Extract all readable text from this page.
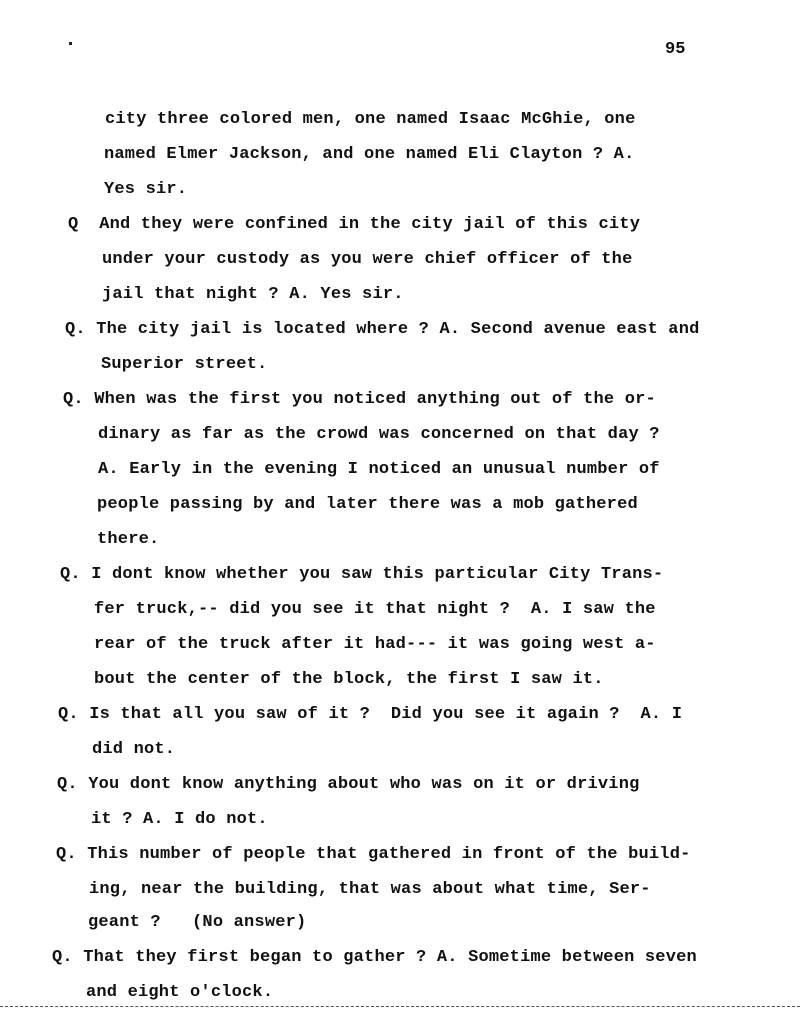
95
city three colored men, one named Isaac McGhie, one
named Elmer Jackson, and one named Eli Clayton ? A.
Yes sir.
Q  And they were confined in the city jail of this city
under your custody as you were chief officer of the
jail that night ? A. Yes sir.
Q. The city jail is located where ? A. Second avenue east and
Superior street.
Q. When was the first you noticed anything out of the or-
dinary as far as the crowd was concerned on that day ?
A. Early in the evening I noticed an unusual number of
people passing by and later there was a mob gathered
there.
Q. I dont know whether you saw this particular City Trans-
fer truck,-- did you see it that night ?  A. I saw the
rear of the truck after it had--- it was going west a-
bout the center of the block, the first I saw it.
Q. Is that all you saw of it ?  Did you see it again ?  A. I
did not.
Q. You dont know anything about who was on it or driving
it ? A. I do not.
Q. This number of people that gathered in front of the build-
ing, near the building, that was about what time, Ser-
geant ?   (No answer)
Q. That they first began to gather ? A. Sometime between seven
and eight o'clock.
